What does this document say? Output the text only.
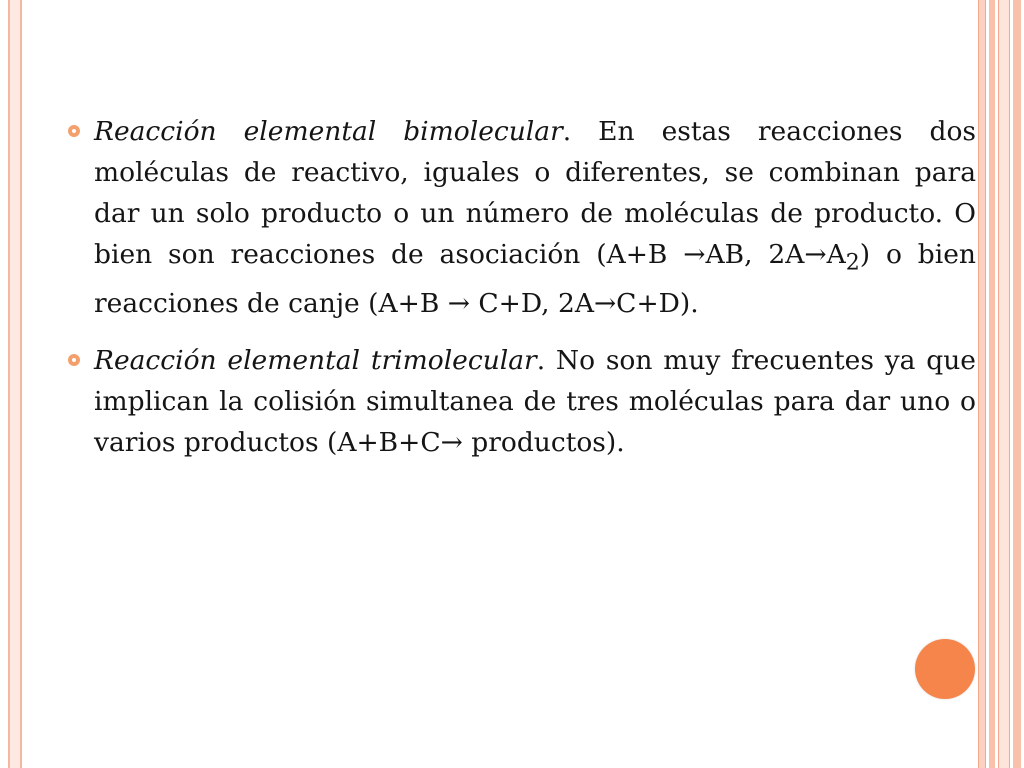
Reacción elemental bimolecular. En estas reacciones dos moléculas de reactivo, iguales o diferentes, se combinan para dar un solo producto o un número de moléculas de producto. O bien son reacciones de asociación (A+B →AB, $2A\to A_2$) o bien reacciones de canje (A+B → C+D, 2A→C+D).

Reacción elemental trimolecular. No son muy frecuentes ya que implican la colisión simultanea de tres moléculas para dar uno o varios productos (A+B+C→ productos).
